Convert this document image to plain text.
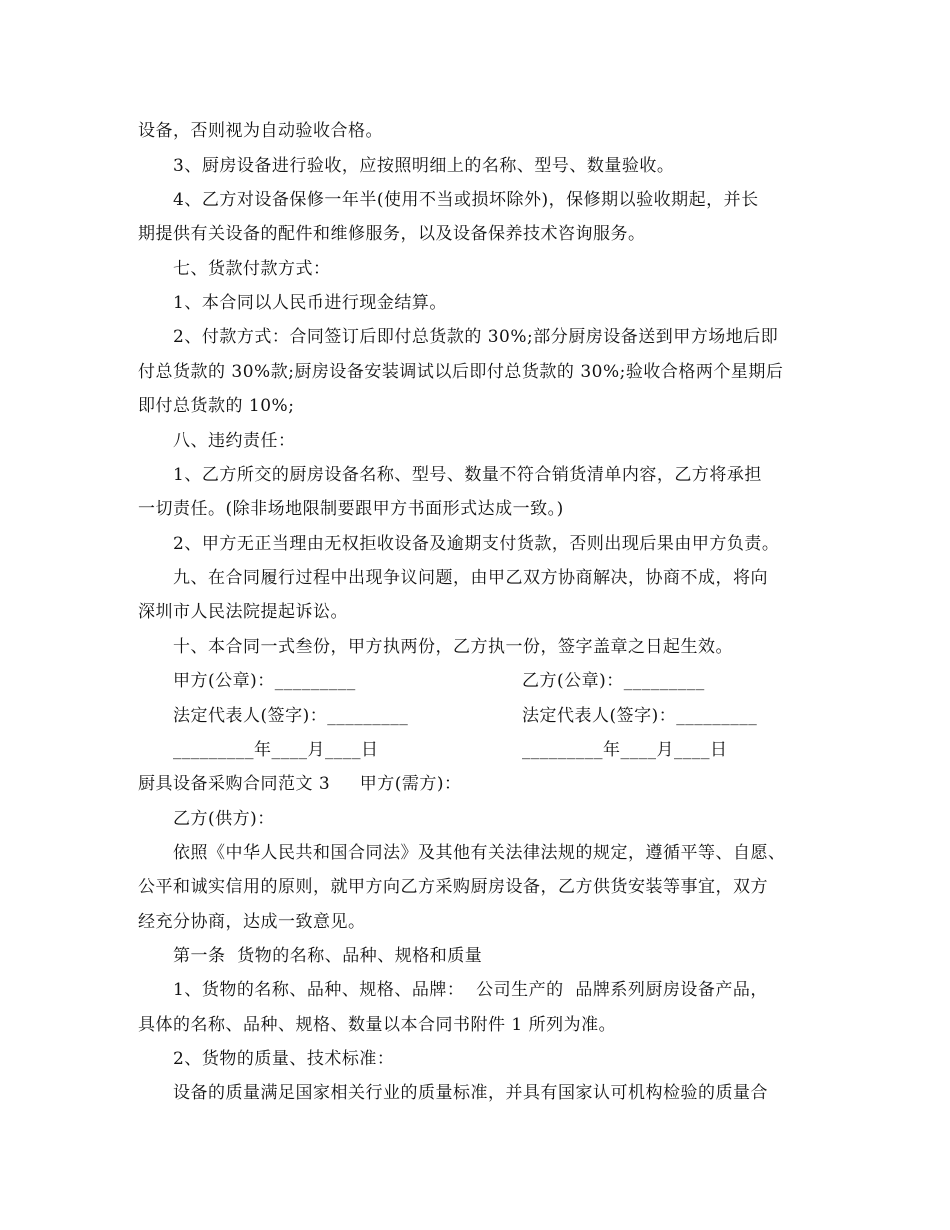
设备，否则视为自动验收合格。
3、厨房设备进行验收，应按照明细上的名称、型号、数量验收。
4、乙方对设备保修一年半(使用不当或损坏除外)，保修期以验收期起，并长
期提供有关设备的配件和维修服务，以及设备保养技术咨询服务。
七、货款付款方式：
1、本合同以人民币进行现金结算。
2、付款方式：合同签订后即付总货款的 30%;部分厨房设备送到甲方场地后即
付总货款的 30%款;厨房设备安装调试以后即付总货款的 30%;验收合格两个星期后
即付总货款的 10%;
八、违约责任：
1、乙方所交的厨房设备名称、型号、数量不符合销货清单内容，乙方将承担
一切责任。(除非场地限制要跟甲方书面形式达成一致。)
2、甲方无正当理由无权拒收设备及逾期支付货款，否则出现后果由甲方负责。
九、在合同履行过程中出现争议问题，由甲乙双方协商解决，协商不成，将向
深圳市人民法院提起诉讼。
十、本合同一式叁份，甲方执两份，乙方执一份，签字盖章之日起生效。
甲方(公章)：_________	乙方(公章)：_________
法定代表人(签字)：_________	法定代表人(签字)：_________
_________年____月____日	_________年____月____日
厨具设备采购合同范文 3     甲方(需方)：
乙方(供方)：
依照《中华人民共和国合同法》及其他有关法律法规的规定，遵循平等、自愿、
公平和诚实信用的原则，就甲方向乙方采购厨房设备，乙方供货安装等事宜，双方
经充分协商，达成一致意见。
第一条  货物的名称、品种、规格和质量
1、货物的名称、品种、规格、品牌：  公司生产的  品牌系列厨房设备产品，
具体的名称、品种、规格、数量以本合同书附件 1 所列为准。
2、货物的质量、技术标准：
设备的质量满足国家相关行业的质量标准，并具有国家认可机构检验的质量合
